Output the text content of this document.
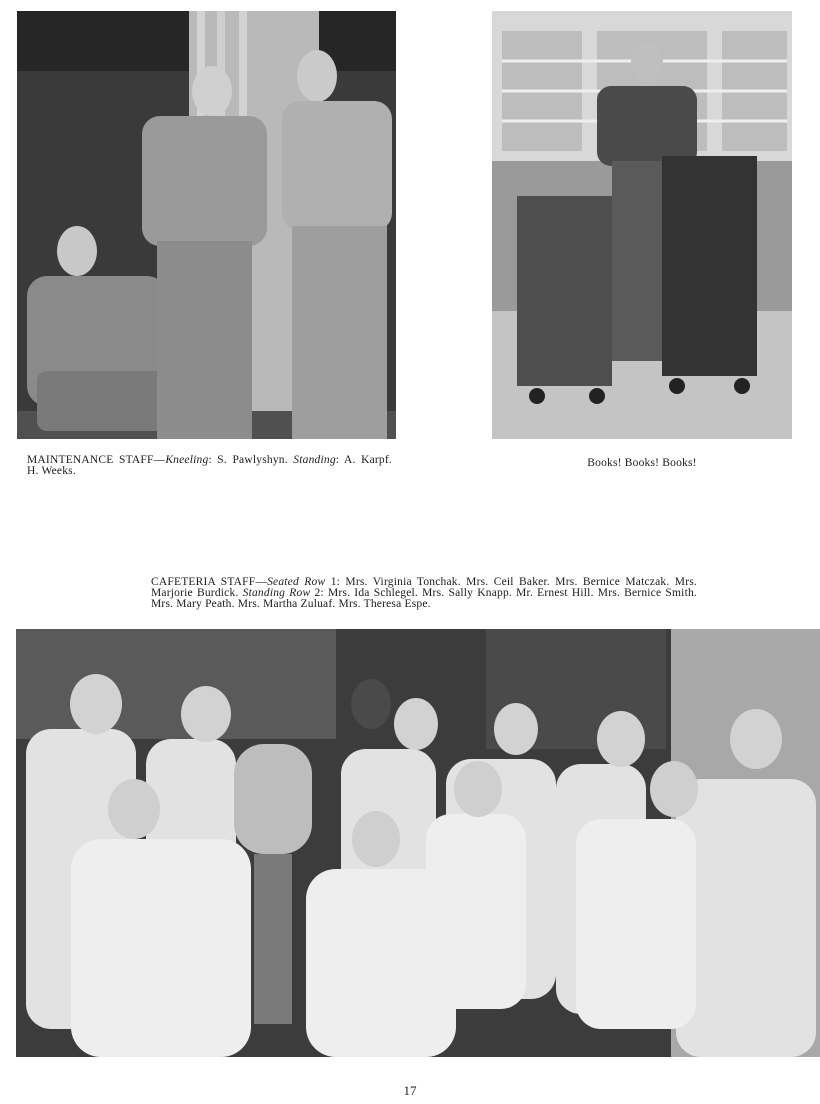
MAINTENANCE STAFF—Kneeling: S. Pawlyshyn. Standing: A. Karpf. H. Weeks.

Books! Books! Books!

CAFETERIA STAFF—Seated Row 1: Mrs. Virginia Tonchak. Mrs. Ceil Baker. Mrs. Bernice Matczak. Mrs. Marjorie Burdick. Standing Row 2: Mrs. Ida Schlegel. Mrs. Sally Knapp. Mr. Ernest Hill. Mrs. Bernice Smith. Mrs. Mary Peath. Mrs. Martha Zuluaf. Mrs. Theresa Espe.

17
